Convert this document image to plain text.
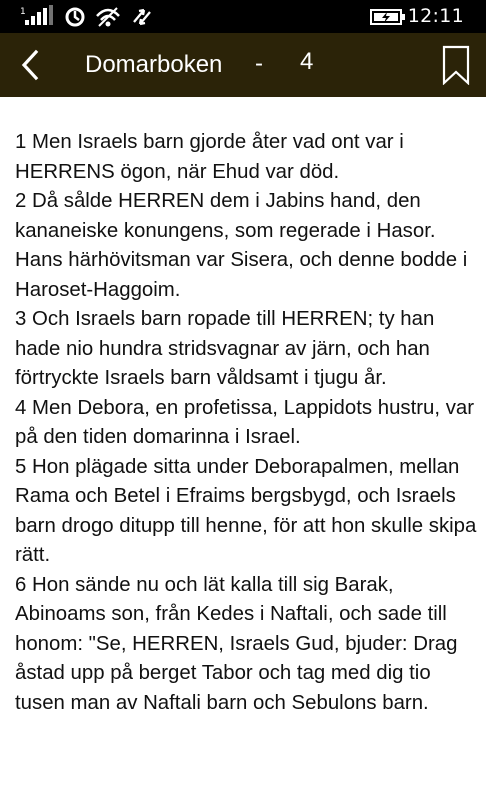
1	12:11
Domarboken - 4
1 Men Israels barn gjorde åter vad ont var i HERRENS ögon, när Ehud var död.
2 Då sålde HERREN dem i Jabins hand, den kananeiske konungens, som regerade i Hasor. Hans härhövitsman var Sisera, och denne bodde i Haroset-Haggoim.
3 Och Israels barn ropade till HERREN; ty han hade nio hundra stridsvagnar av järn, och han förtryckte Israels barn våldsamt i tjugu år.
4 Men Debora, en profetissa, Lappidots hustru, var på den tiden domarinna i Israel.
5 Hon plägade sitta under Deborapalmen, mellan Rama och Betel i Efraims bergsbygd, och Israels barn drogo ditupp till henne, för att hon skulle skipa rätt.
6 Hon sände nu och lät kalla till sig Barak, Abinoams son, från Kedes i Naftali, och sade till honom: "Se, HERREN, Israels Gud, bjuder: Drag åstad upp på berget Tabor och tag med dig tio tusen man av Naftali barn och Sebulons barn.
